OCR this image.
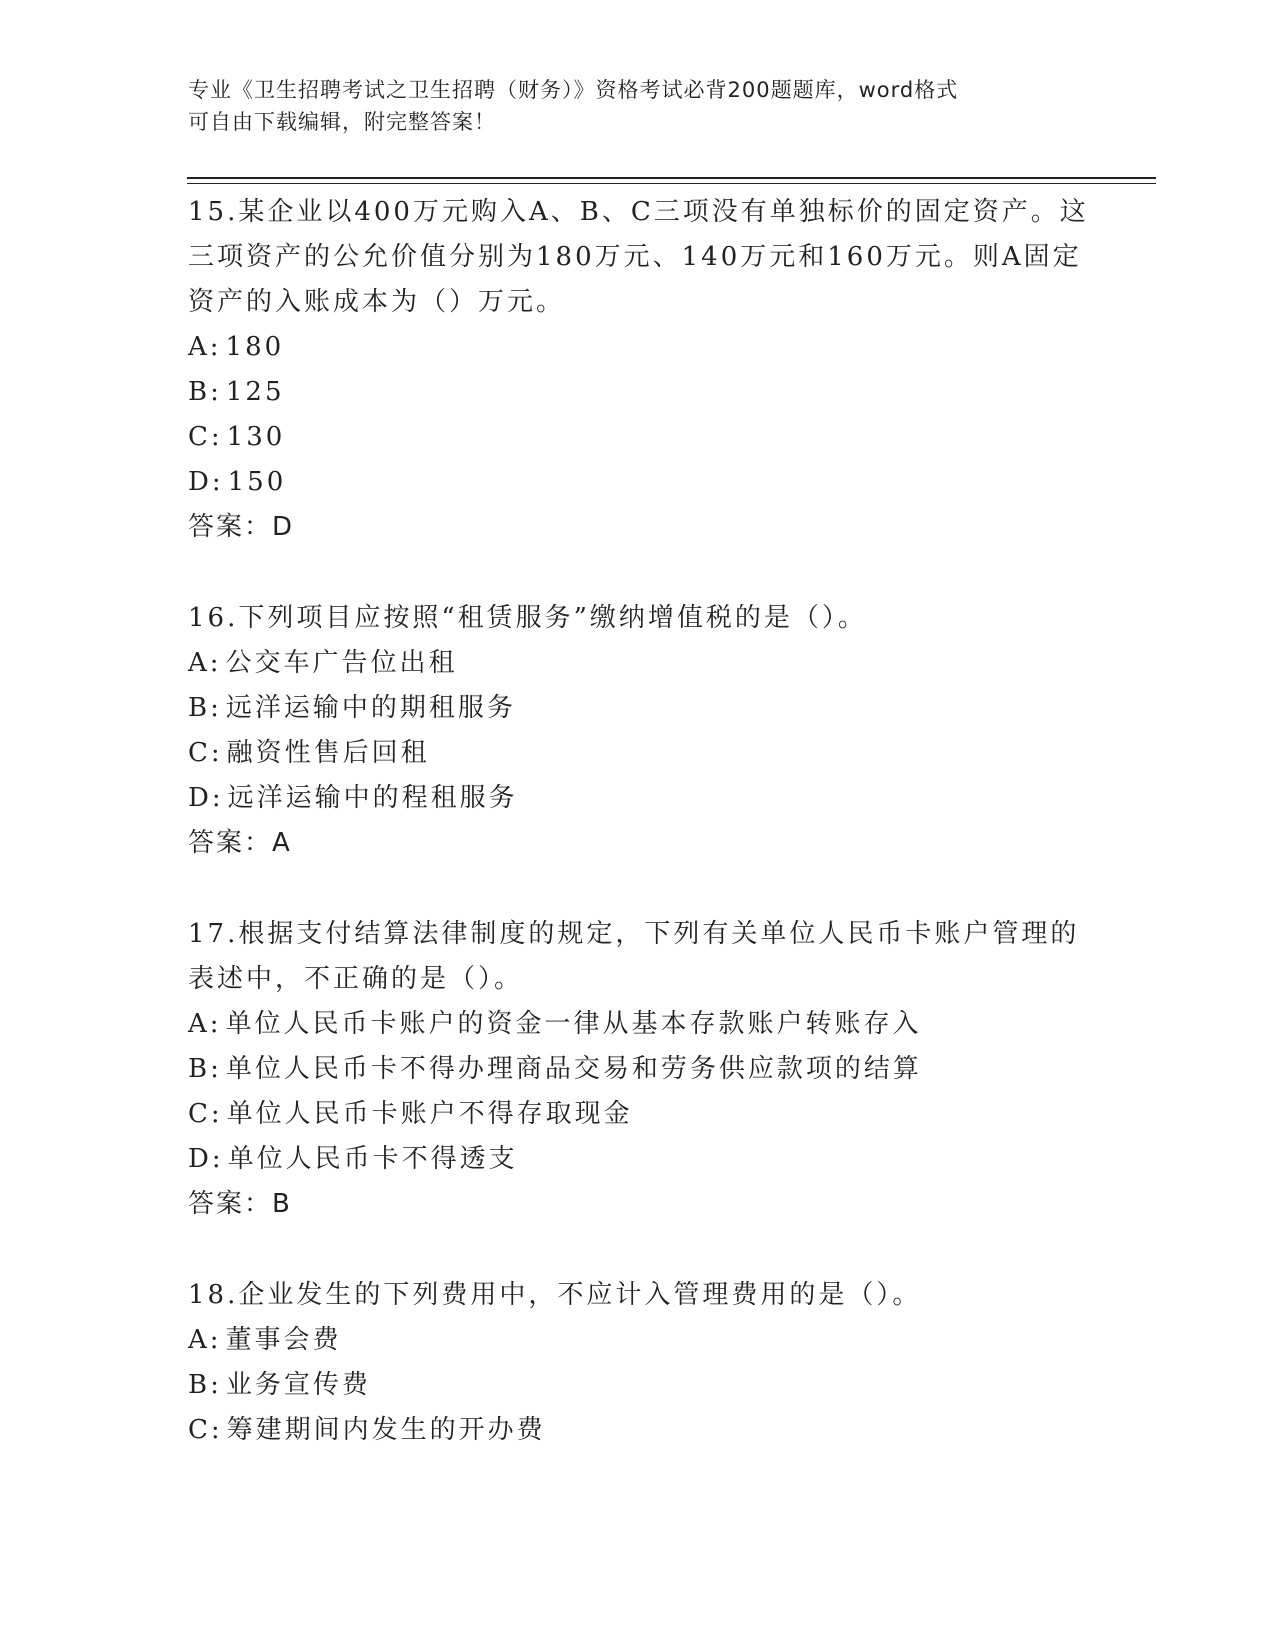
专业《卫生招聘考试之卫生招聘（财务）》资格考试必背200题题库，word格式
可自由下载编辑，附完整答案！
15.某企业以400万元购入A、B、C三项没有单独标价的固定资产。这
三项资产的公允价值分别为180万元、140万元和160万元。则A固定
资产的入账成本为（）万元。
A: 180
B: 125
C: 130
D: 150
答案：D
16.下列项目应按照“租赁服务”缴纳增值税的是（）。
A: 公交车广告位出租
B: 远洋运输中的期租服务
C: 融资性售后回租
D: 远洋运输中的程租服务
答案：A
17.根据支付结算法律制度的规定，下列有关单位人民币卡账户管理的
表述中，不正确的是（）。
A: 单位人民币卡账户的资金一律从基本存款账户转账存入
B: 单位人民币卡不得办理商品交易和劳务供应款项的结算
C: 单位人民币卡账户不得存取现金
D: 单位人民币卡不得透支
答案：B
18.企业发生的下列费用中，不应计入管理费用的是（）。
A: 董事会费
B: 业务宣传费
C: 筹建期间内发生的开办费
